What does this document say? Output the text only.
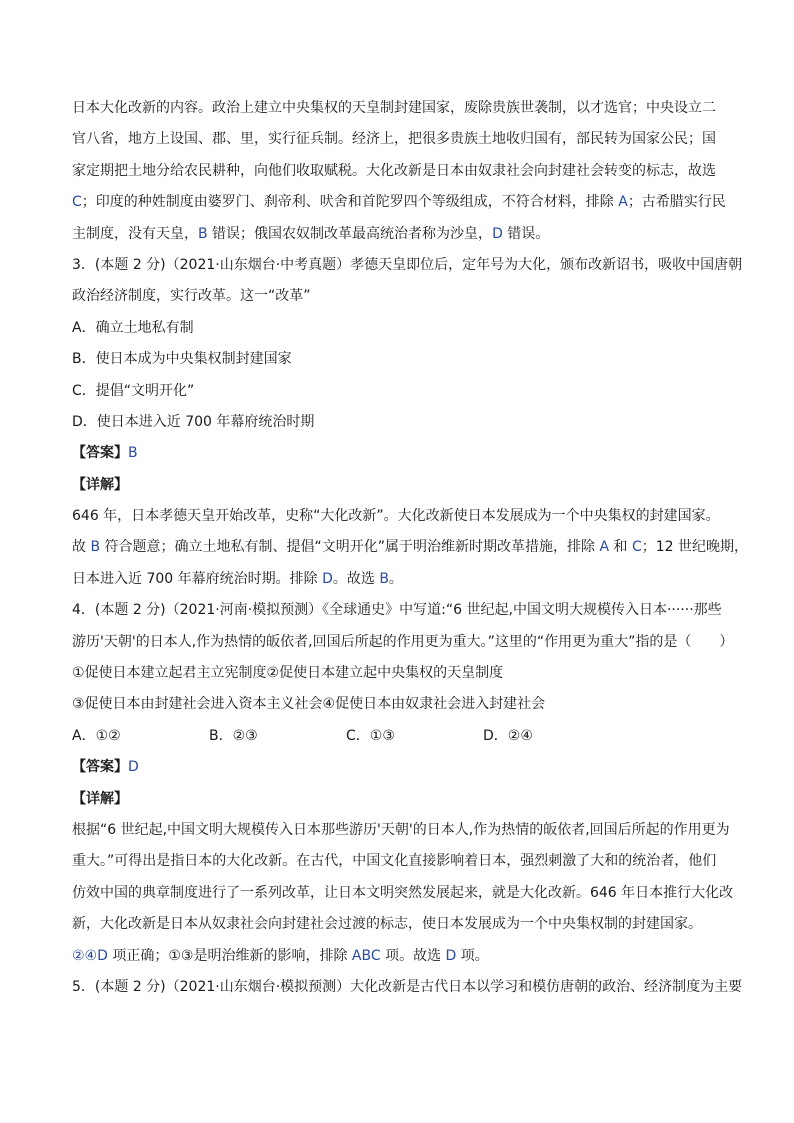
日本大化改新的内容。政治上建立中央集权的天皇制封建国家，废除贵族世袭制，以才选官；中央设立二
官八省，地方上设国、郡、里，实行征兵制。经济上，把很多贵族土地收归国有，部民转为国家公民；国
家定期把土地分给农民耕种，向他们收取赋税。大化改新是日本由奴隶社会向封建社会转变的标志，故选
C；印度的种姓制度由婆罗门、刹帝利、吠舍和首陀罗四个等级组成，不符合材料，排除 A；古希腊实行民
主制度，没有天皇，B 错误；俄国农奴制改革最高统治者称为沙皇，D 错误。
3．(本题 2 分)（2021·山东烟台·中考真题）孝德天皇即位后，定年号为大化，颁布改新诏书，吸收中国唐朝
政治经济制度，实行改革。这一“改革”
A．确立土地私有制
B．使日本成为中央集权制封建国家
C．提倡“文明开化”
D．使日本进入近 700 年幕府统治时期
【答案】B
【详解】
646 年，日本孝德天皇开始改革，史称“大化改新”。大化改新使日本发展成为一个中央集权的封建国家。
故 B 符合题意；确立土地私有制、提倡“文明开化”属于明治维新时期改革措施，排除 A 和 C；12 世纪晚期，
日本进入近 700 年幕府统治时期。排除 D。故选 B。
4．(本题 2 分)（2021·河南·模拟预测）《全球通史》中写道:“6 世纪起,中国文明大规模传入日本······那些
游历'天朝'的日本人,作为热情的皈依者,回国后所起的作用更为重大。”这里的“作用更为重大”指的是（　　）
①促使日本建立起君主立宪制度②促使日本建立起中央集权的天皇制度
③促使日本由封建社会进入资本主义社会④促使日本由奴隶社会进入封建社会
A．①②	B．②③	C．①③	D．②④
【答案】D
【详解】
根据“6 世纪起,中国文明大规模传入日本那些游历'天朝'的日本人,作为热情的皈依者,回国后所起的作用更为
重大。”可得出是指日本的大化改新。在古代，中国文化直接影响着日本，强烈刺激了大和的统治者，他们
仿效中国的典章制度进行了一系列改革，让日本文明突然发展起来，就是大化改新。646 年日本推行大化改
新，大化改新是日本从奴隶社会向封建社会过渡的标志，使日本发展成为一个中央集权制的封建国家。
②④D 项正确；①③是明治维新的影响，排除 ABC 项。故选 D 项。
5．(本题 2 分)（2021·山东烟台·模拟预测）大化改新是古代日本以学习和模仿唐朝的政治、经济制度为主要
